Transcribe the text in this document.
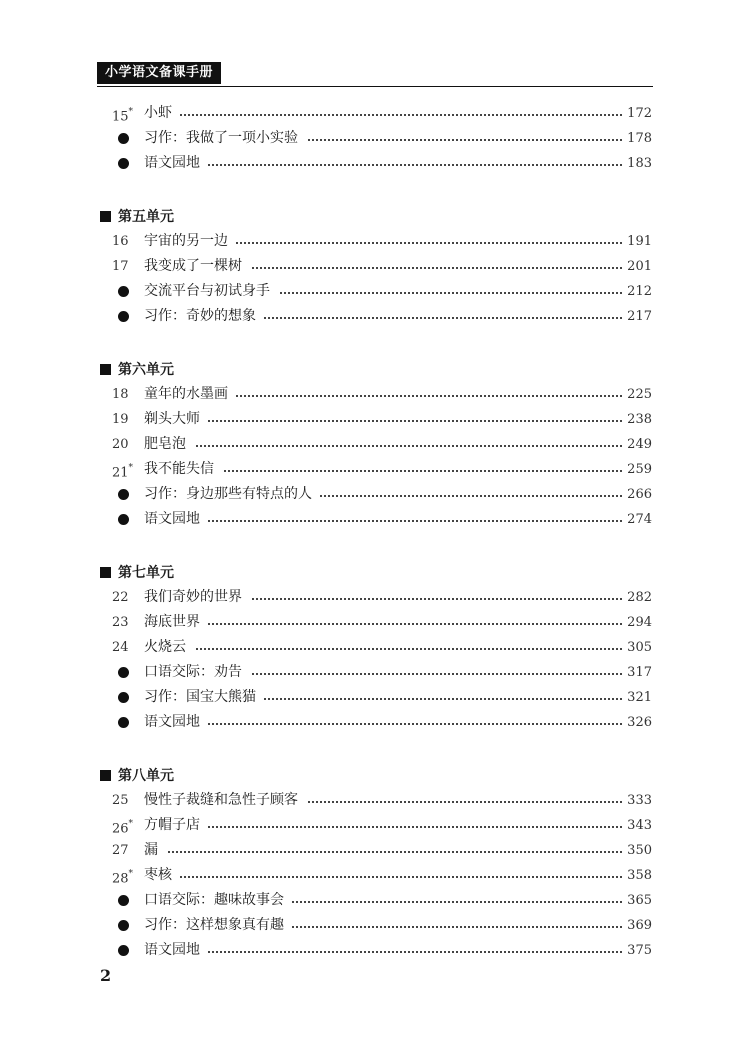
小学语文备课手册
15* 小虾	172
习作：我做了一项小实验	178
语文园地	183
第五单元
16	宇宙的另一边	191
17	我变成了一棵树	201
交流平台与初试身手	212
习作：奇妙的想象	217
第六单元
18	童年的水墨画	225
19	剃头大师	238
20	肥皂泡	249
21* 我不能失信	259
习作：身边那些有特点的人	266
语文园地	274
第七单元
22	我们奇妙的世界	282
23	海底世界	294
24	火烧云	305
口语交际：劝告	317
习作：国宝大熊猫	321
语文园地	326
第八单元
25	慢性子裁缝和急性子顾客	333
26* 方帽子店	343
27	漏	350
28* 枣核	358
口语交际：趣味故事会	365
习作：这样想象真有趣	369
语文园地	375
2
